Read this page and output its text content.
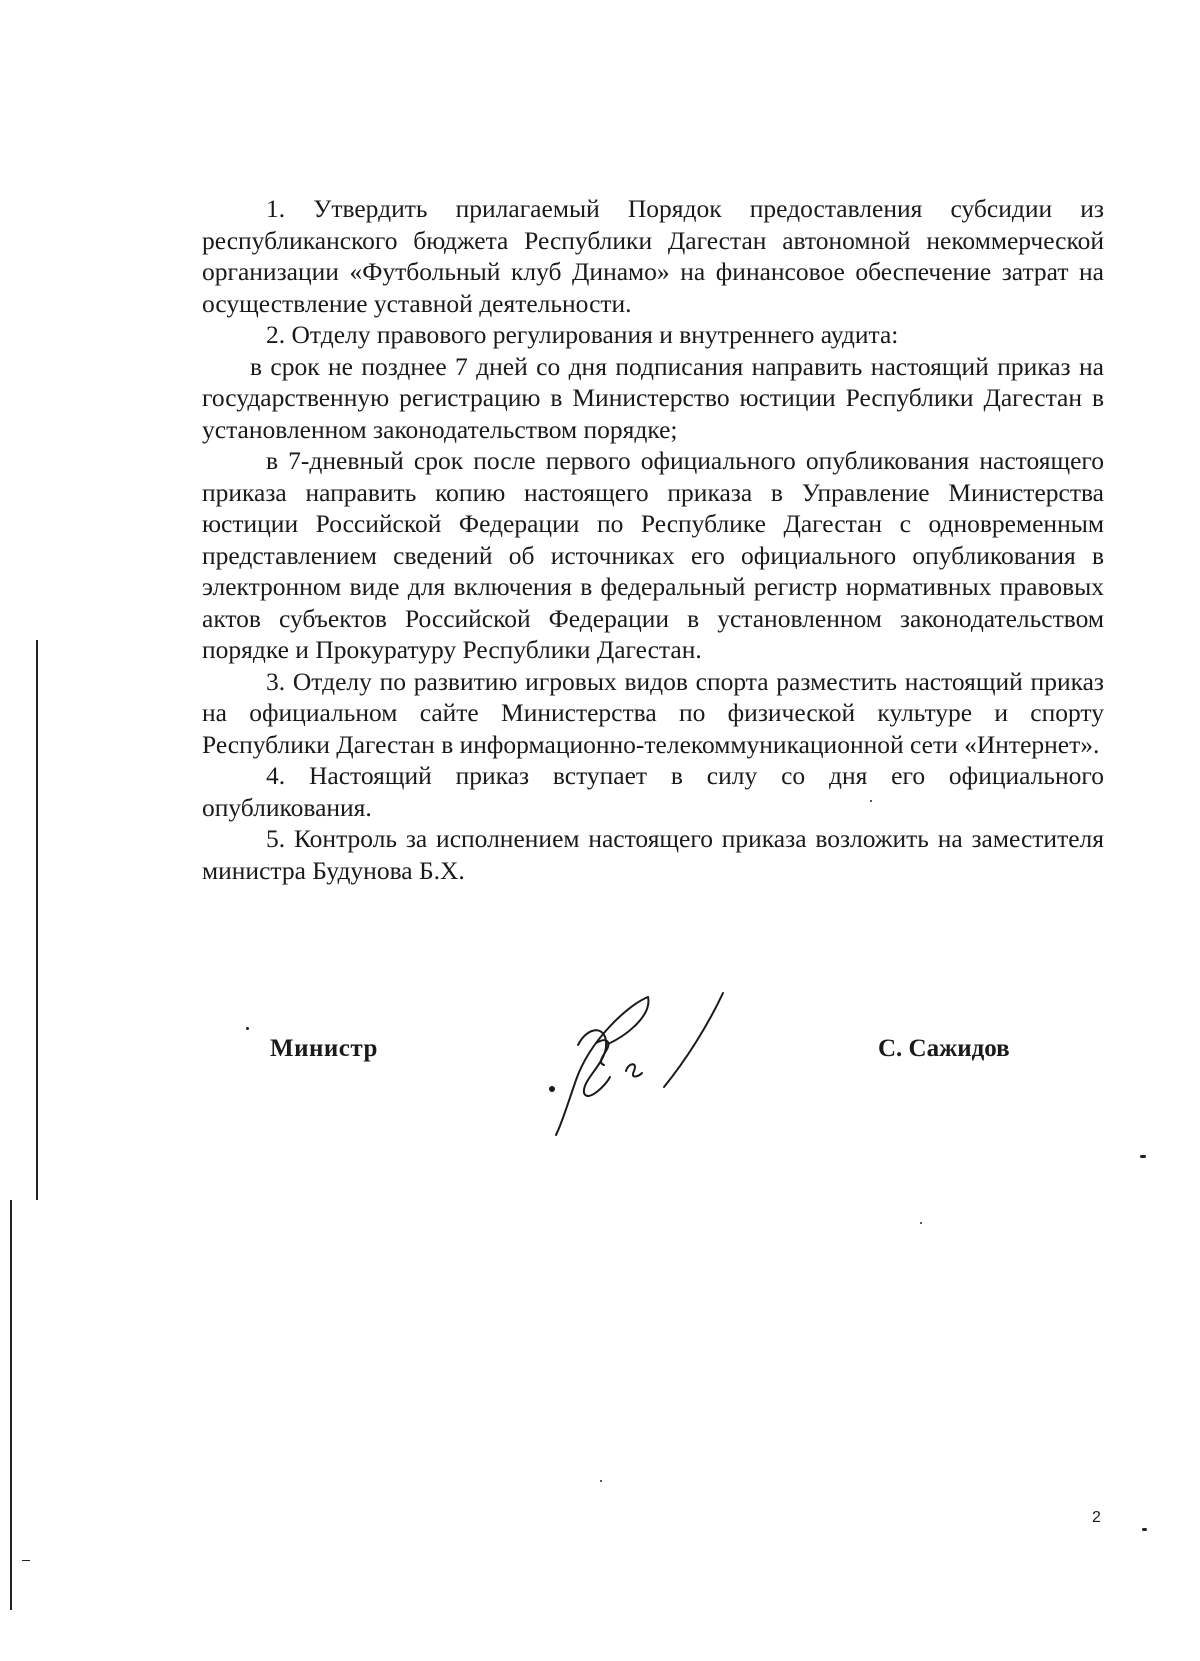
1. Утвердить прилагаемый Порядок предоставления субсидии из республиканского бюджета Республики Дагестан автономной некоммерческой организации «Футбольный клуб Динамо» на финансовое обеспечение затрат на осуществление уставной деятельности.

2. Отделу правового регулирования и внутреннего аудита:

в срок не позднее 7 дней со дня подписания направить настоящий приказ на государственную регистрацию в Министерство юстиции Республики Дагестан в установленном законодательством порядке;

в 7-дневный срок после первого официального опубликования настоящего приказа направить копию настоящего приказа в Управление Министерства юстиции Российской Федерации по Республике Дагестан с одновременным представлением сведений об источниках его официального опубликования в электронном виде для включения в федеральный регистр нормативных правовых актов субъектов Российской Федерации в установленном законодательством порядке и Прокуратуру Республики Дагестан.

3. Отделу по развитию игровых видов спорта разместить настоящий приказ на официальном сайте Министерства по физической культуре и спорту Республики Дагестан в информационно-телекоммуникационной сети «Интернет».

4. Настоящий приказ вступает в силу со дня его официального опубликования.

5. Контроль за исполнением настоящего приказа возложить на заместителя министра Будунова Б.Х.

Министр	С. Сажидов
2
